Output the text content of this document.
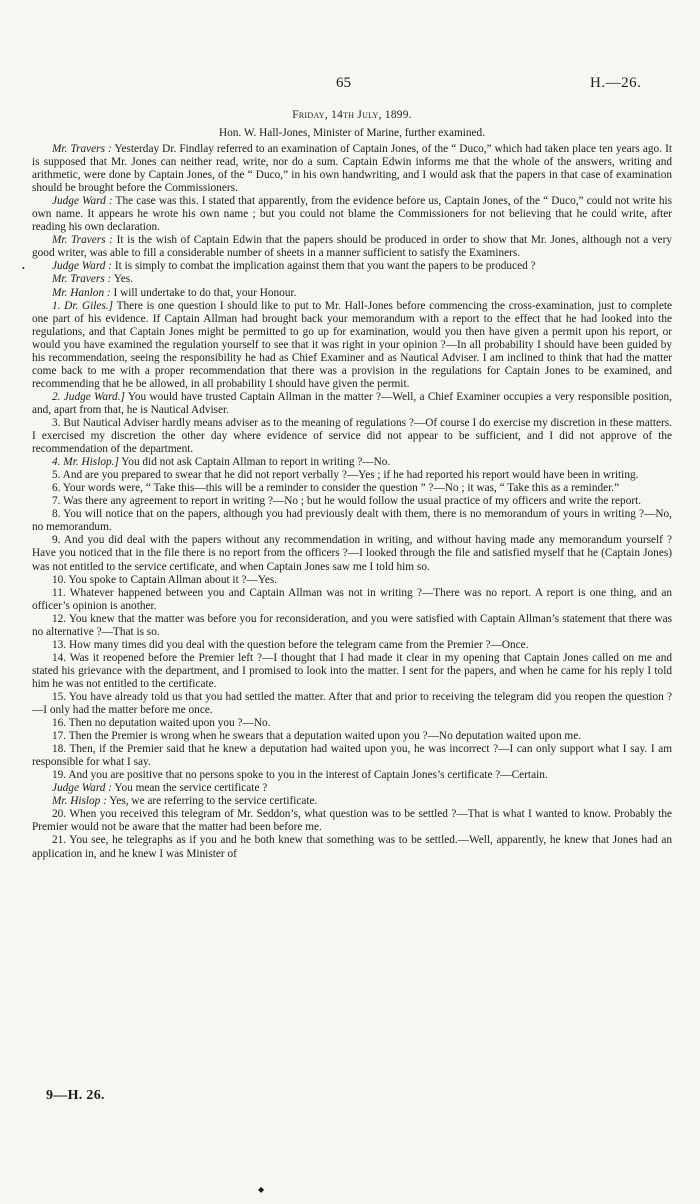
65	H.—26.
Friday, 14th July, 1899.
Hon. W. Hall-Jones, Minister of Marine, further examined.

Mr. Travers : Yesterday Dr. Findlay referred to an examination of Captain Jones, of the “ Duco,” which had taken place ten years ago. It is supposed that Mr. Jones can neither read, write, nor do a sum. Captain Edwin informs me that the whole of the answers, writing and arithmetic, were done by Captain Jones, of the “ Duco,” in his own handwriting, and I would ask that the papers in that case of examination should be brought before the Commissioners.

Judge Ward : The case was this. I stated that apparently, from the evidence before us, Captain Jones, of the “ Duco,” could not write his own name. It appears he wrote his own name ; but you could not blame the Commissioners for not believing that he could write, after reading his own declaration.

Mr. Travers : It is the wish of Captain Edwin that the papers should be produced in order to show that Mr. Jones, although not a very good writer, was able to fill a considerable number of sheets in a manner sufficient to satisfy the Examiners.

Judge Ward : It is simply to combat the implication against them that you want the papers to be produced ?

Mr. Travers : Yes.

Mr. Hanlon : I will undertake to do that, your Honour.

1. Dr. Giles.] There is one question I should like to put to Mr. Hall-Jones before commencing the cross-examination, just to complete one part of his evidence. If Captain Allman had brought back your memorandum with a report to the effect that he had looked into the regulations, and that Captain Jones might be permitted to go up for examination, would you then have given a permit upon his report, or would you have examined the regulation yourself to see that it was right in your opinion ?—In all probability I should have been guided by his recommendation, seeing the responsibility he had as Chief Examiner and as Nautical Adviser. I am inclined to think that had the matter come back to me with a proper recommendation that there was a provision in the regulations for Captain Jones to be examined, and recommending that he be allowed, in all probability I should have given the permit.

2. Judge Ward.] You would have trusted Captain Allman in the matter ?—Well, a Chief Examiner occupies a very responsible position, and, apart from that, he is Nautical Adviser.

3. But Nautical Adviser hardly means adviser as to the meaning of regulations ?—Of course I do exercise my discretion in these matters. I exercised my discretion the other day where evidence of service did not appear to be sufficient, and I did not approve of the recommendation of the department.

4. Mr. Hislop.] You did not ask Captain Allman to report in writing ?—No.

5. And are you prepared to swear that he did not report verbally ?—Yes ; if he had reported his report would have been in writing.

6. Your words were, “ Take this—this will be a reminder to consider the question ” ?—No ; it was, “ Take this as a reminder.”

7. Was there any agreement to report in writing ?—No ; but he would follow the usual practice of my officers and write the report.

8. You will notice that on the papers, although you had previously dealt with them, there is no memorandum of yours in writing ?—No, no memorandum.

9. And you did deal with the papers without any recommendation in writing, and without having made any memorandum yourself ? Have you noticed that in the file there is no report from the officers ?—I looked through the file and satisfied myself that he (Captain Jones) was not entitled to the service certificate, and when Captain Jones saw me I told him so.

10. You spoke to Captain Allman about it ?—Yes.

11. Whatever happened between you and Captain Allman was not in writing ?—There was no report. A report is one thing, and an officer’s opinion is another.

12. You knew that the matter was before you for reconsideration, and you were satisfied with Captain Allman’s statement that there was no alternative ?—That is so.

13. How many times did you deal with the question before the telegram came from the Premier ?—Once.

14. Was it reopened before the Premier left ?—I thought that I had made it clear in my opening that Captain Jones called on me and stated his grievance with the department, and I promised to look into the matter. I sent for the papers, and when he came for his reply I told him he was not entitled to the certificate.

15. You have already told us that you had settled the matter. After that and prior to receiving the telegram did you reopen the question ?—I only had the matter before me once.

16. Then no deputation waited upon you ?—No.

17. Then the Premier is wrong when he swears that a deputation waited upon you ?—No deputation waited upon me.

18. Then, if the Premier said that he knew a deputation had waited upon you, he was incorrect ?—I can only support what I say. I am responsible for what I say.

19. And you are positive that no persons spoke to you in the interest of Captain Jones’s certificate ?—Certain.

Judge Ward : You mean the service certificate ?

Mr. Hislop : Yes, we are referring to the service certificate.

20. When you received this telegram of Mr. Seddon’s, what question was to be settled ?—That is what I wanted to know. Probably the Premier would not be aware that the matter had been before me.

21. You see, he telegraphs as if you and he both knew that something was to be settled.—Well, apparently, he knew that Jones had an application in, and he knew I was Minister of

•
9—H. 26.
◆
